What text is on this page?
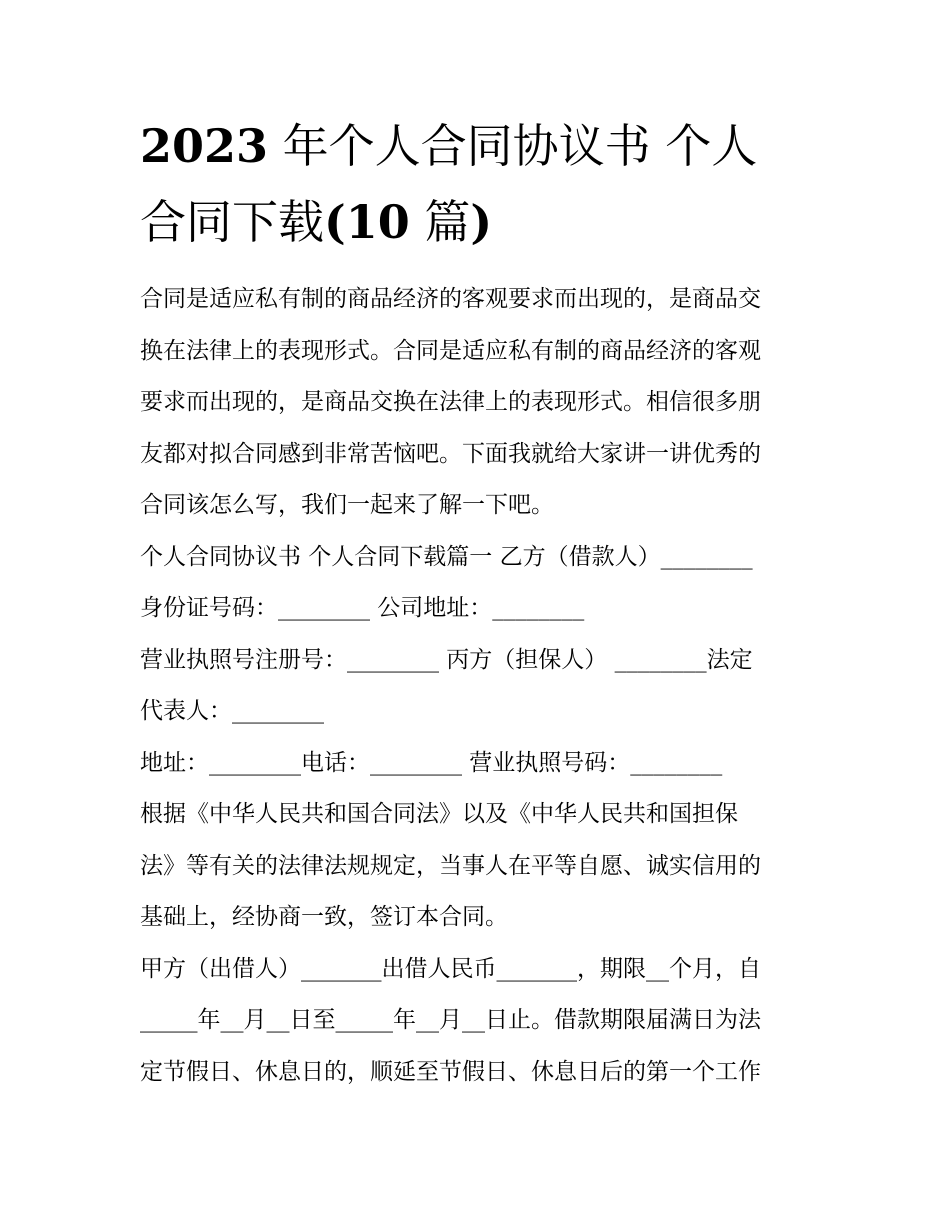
2023 年个人合同协议书 个人
合同下载(10 篇)
合同是适应私有制的商品经济的客观要求而出现的，是商品交
换在法律上的表现形式。合同是适应私有制的商品经济的客观
要求而出现的，是商品交换在法律上的表现形式。相信很多朋
友都对拟合同感到非常苦恼吧。下面我就给大家讲一讲优秀的
合同该怎么写，我们一起来了解一下吧。
个人合同协议书 个人合同下载篇一 乙方（借款人）________
身份证号码：________ 公司地址：________
营业执照号注册号：________ 丙方（担保人） ________法定
代表人：________
地址：________电话：________ 营业执照号码：________
根据《中华人民共和国合同法》以及《中华人民共和国担保
法》等有关的法律法规规定，当事人在平等自愿、诚实信用的
基础上，经协商一致，签订本合同。
甲方（出借人）_______出借人民币_______，期限__个月，自
_____年__月__日至_____年__月__日止。借款期限届满日为法
定节假日、休息日的，顺延至节假日、休息日后的第一个工作
